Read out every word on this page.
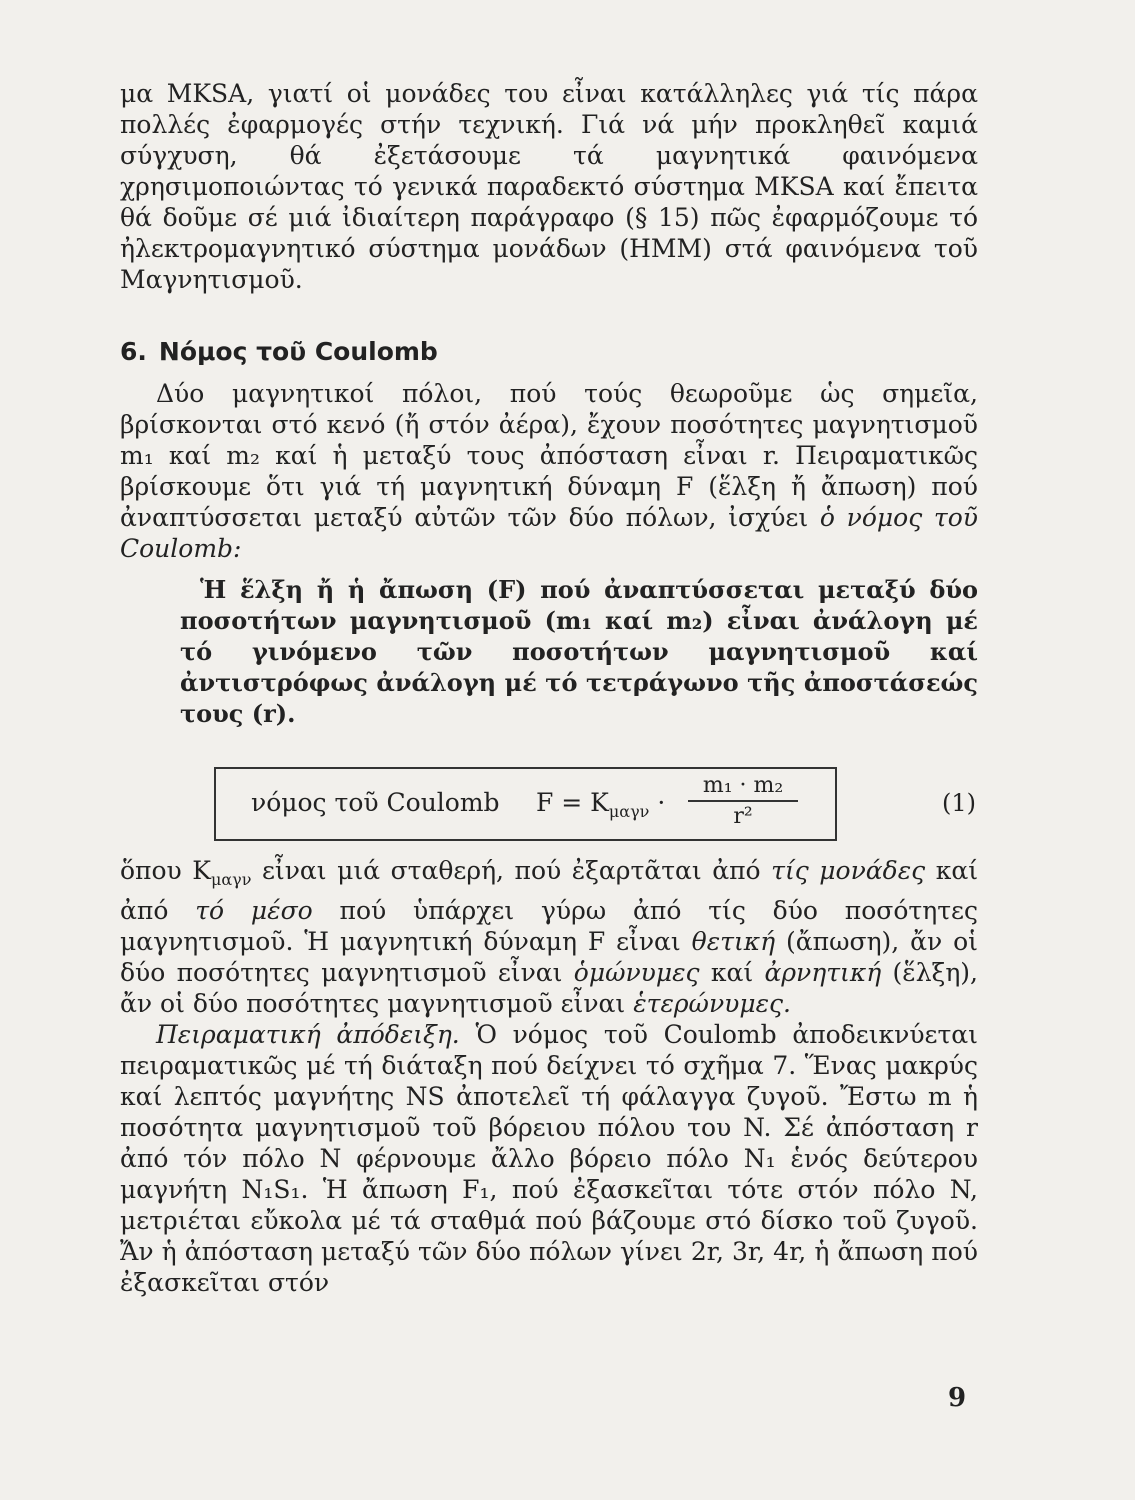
μα MKSA, γιατί οἱ μονάδες του εἶναι κατάλληλες γιά τίς πάρα πολλές ἐφαρμογές στήν τεχνική. Γιά νά μήν προκληθεῖ καμιά σύγχυση, θά ἐξετάσουμε τά μαγνητικά φαινόμενα χρησιμοποιώντας τό γενικά παραδεκτό σύστημα MKSA καί ἔπειτα θά δοῦμε σέ μιά ἰδιαίτερη παράγραφο (§ 15) πῶς ἐφαρμόζουμε τό ἠλεκτρομαγνητικό σύστημα μονάδων (HMM) στά φαινόμενα τοῦ Μαγνητισμοῦ.

6. Νόμος τοῦ Coulomb

Δύο μαγνητικοί πόλοι, πού τούς θεωροῦμε ὡς σημεῖα, βρίσκονται στό κενό (ἤ στόν ἀέρα), ἔχουν ποσότητες μαγνητισμοῦ m₁ καί m₂ καί ἡ μεταξύ τους ἀπόσταση εἶναι r. Πειραματικῶς βρίσκουμε ὅτι γιά τή μαγνητική δύναμη F (ἕλξη ἤ ἄπωση) πού ἀναπτύσσεται μεταξύ αὐτῶν τῶν δύο πόλων, ἰσχύει ὁ νόμος τοῦ Coulomb:

Ἡ ἕλξη ἤ ἡ ἄπωση (F) πού ἀναπτύσσεται μεταξύ δύο ποσοτήτων μαγνητισμοῦ (m₁ καί m₂) εἶναι ἀνάλογη μέ τό γινόμενο τῶν ποσοτήτων μαγνητισμοῦ καί ἀντιστρόφως ἀνάλογη μέ τό τετράγωνο τῆς ἀποστάσεώς τους (r).

νόμος τοῦ Coulomb $F = K_{\mu\alpha\gamma\nu} \cdot \frac{\text{m₁ · m₂}}{\text{r²}}$	(1)

ὅπου $K_{\mu\alpha\gamma\nu}$ εἶναι μιά σταθερή, πού ἐξαρτᾶται ἀπό τίς μονάδες καί ἀπό τό μέσο πού ὑπάρχει γύρω ἀπό τίς δύο ποσότητες μαγνητισμοῦ. Ἡ μαγνητική δύναμη F εἶναι θετική (ἄπωση), ἄν οἱ δύο ποσότητες μαγνητισμοῦ εἶναι ὁμώνυμες καί ἀρνητική (ἕλξη), ἄν οἱ δύο ποσότητες μαγνητισμοῦ εἶναι ἑτερώνυμες.

Πειραματική ἀπόδειξη. Ὁ νόμος τοῦ Coulomb ἀποδεικνύεται πειραματικῶς μέ τή διάταξη πού δείχνει τό σχῆμα 7. Ἕνας μακρύς καί λεπτός μαγνήτης NS ἀποτελεῖ τή φάλαγγα ζυγοῦ. Ἔστω m ἡ ποσότητα μαγνητισμοῦ τοῦ βόρειου πόλου του N. Σέ ἀπόσταση r ἀπό τόν πόλο N φέρνουμε ἄλλο βόρειο πόλο N₁ ἑνός δεύτερου μαγνήτη N₁S₁. Ἡ ἄπωση F₁, πού ἐξασκεῖται τότε στόν πόλο N, μετριέται εὔκολα μέ τά σταθμά πού βάζουμε στό δίσκο τοῦ ζυγοῦ. Ἄν ἡ ἀπόσταση μεταξύ τῶν δύο πόλων γίνει 2r, 3r, 4r, ἡ ἄπωση πού ἐξασκεῖται στόν

9
